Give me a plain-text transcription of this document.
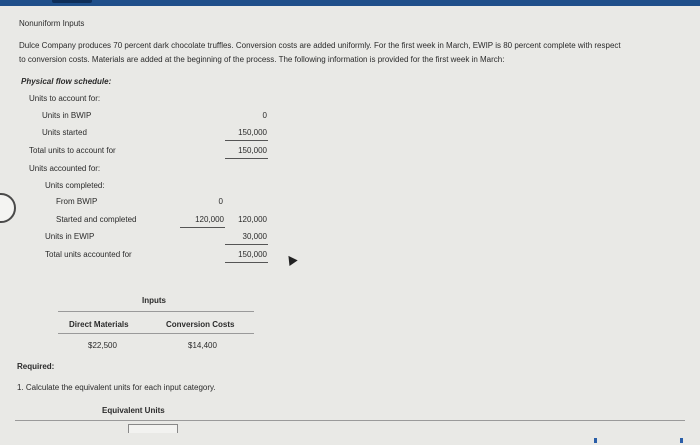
Nonuniform Inputs
Dulce Company produces 70 percent dark chocolate truffles. Conversion costs are added uniformly. For the first week in March, EWIP is 80 percent complete with respect
to conversion costs. Materials are added at the beginning of the process. The following information is provided for the first week in March:
Physical flow schedule:
Units to account for:
Units in BWIP	0
Units started	150,000
Total units to account for	150,000
Units accounted for:
Units completed:
From BWIP	0
Started and completed	120,000	120,000
Units in EWIP	30,000
Total units accounted for	150,000
Inputs
Direct Materials	Conversion Costs
$22,500	$14,400
Required:
1. Calculate the equivalent units for each input category.
Equivalent Units
